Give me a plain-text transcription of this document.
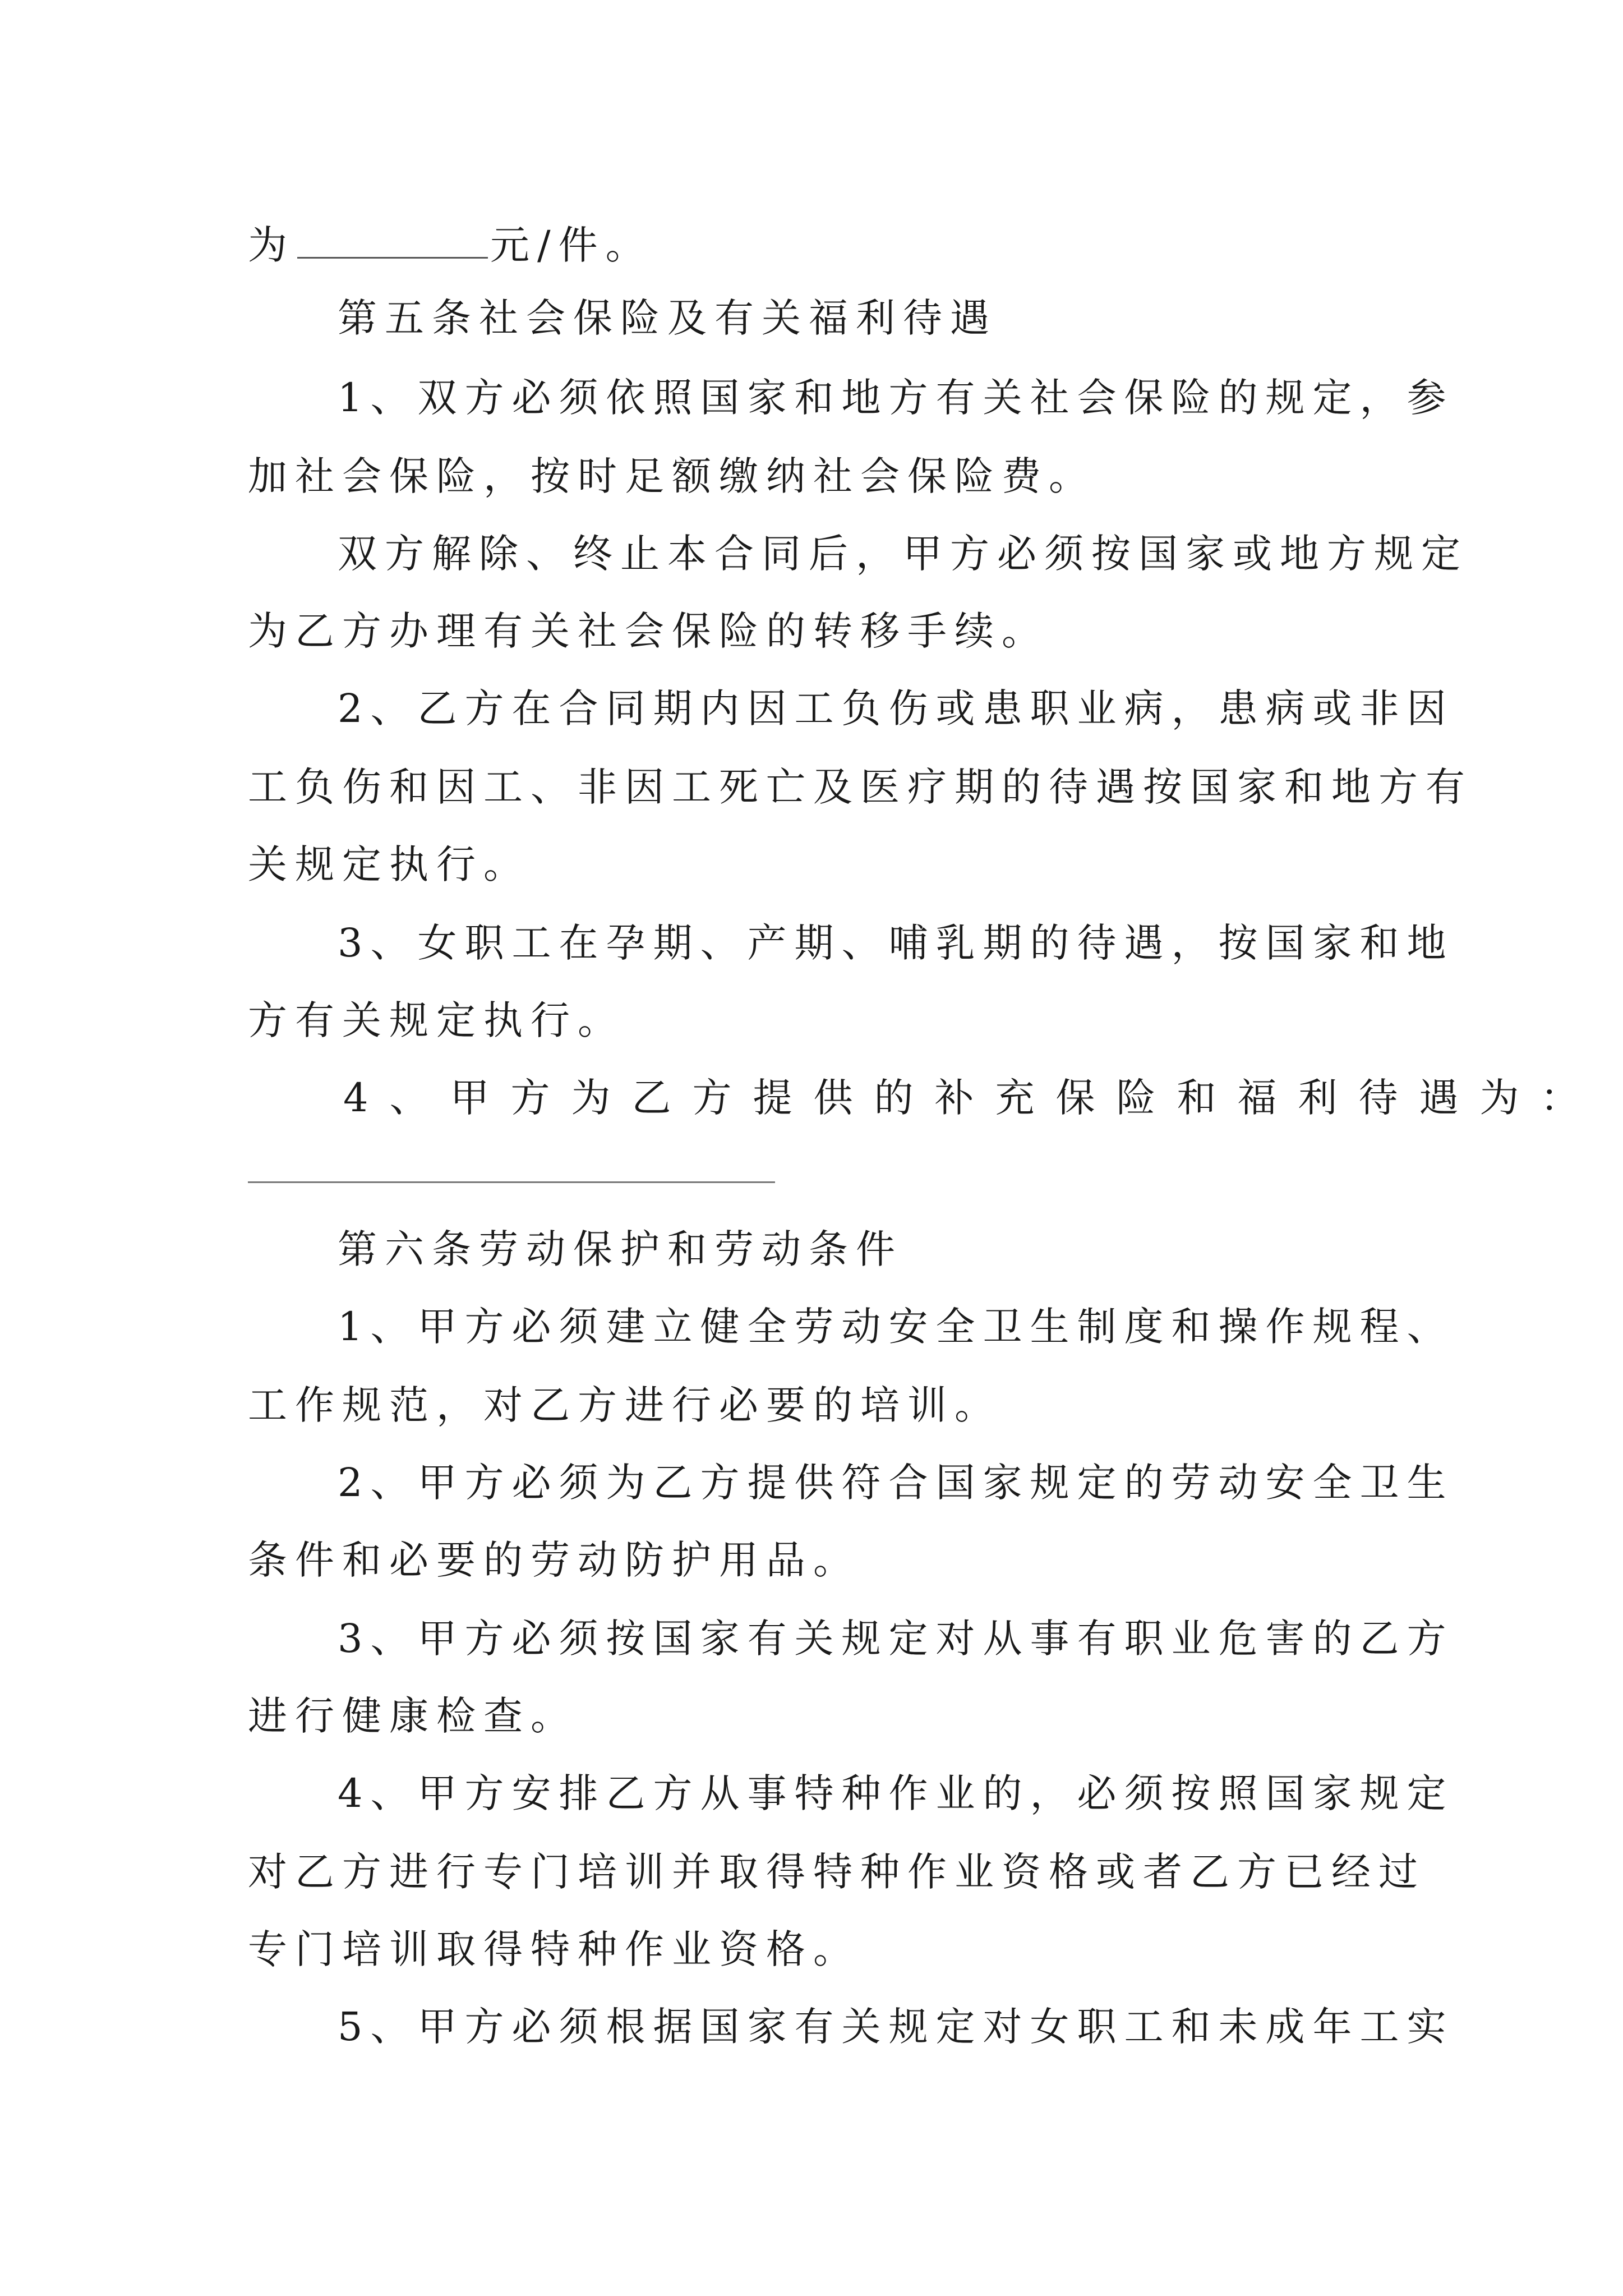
为	元/件。
第五条社会保险及有关福利待遇
1、双方必须依照国家和地方有关社会保险的规定，参
加社会保险，按时足额缴纳社会保险费。
双方解除、终止本合同后，甲方必须按国家或地方规定
为乙方办理有关社会保险的转移手续。
2、乙方在合同期内因工负伤或患职业病，患病或非因
工负伤和因工、非因工死亡及医疗期的待遇按国家和地方有
关规定执行。
3、女职工在孕期、产期、哺乳期的待遇，按国家和地
方有关规定执行。
4、甲方为乙方提供的补充保险和福利待遇为：
第六条劳动保护和劳动条件
1、甲方必须建立健全劳动安全卫生制度和操作规程、
工作规范，对乙方进行必要的培训。
2、甲方必须为乙方提供符合国家规定的劳动安全卫生
条件和必要的劳动防护用品。
3、甲方必须按国家有关规定对从事有职业危害的乙方
进行健康检查。
4、甲方安排乙方从事特种作业的，必须按照国家规定
对乙方进行专门培训并取得特种作业资格或者乙方已经过
专门培训取得特种作业资格。
5、甲方必须根据国家有关规定对女职工和未成年工实
